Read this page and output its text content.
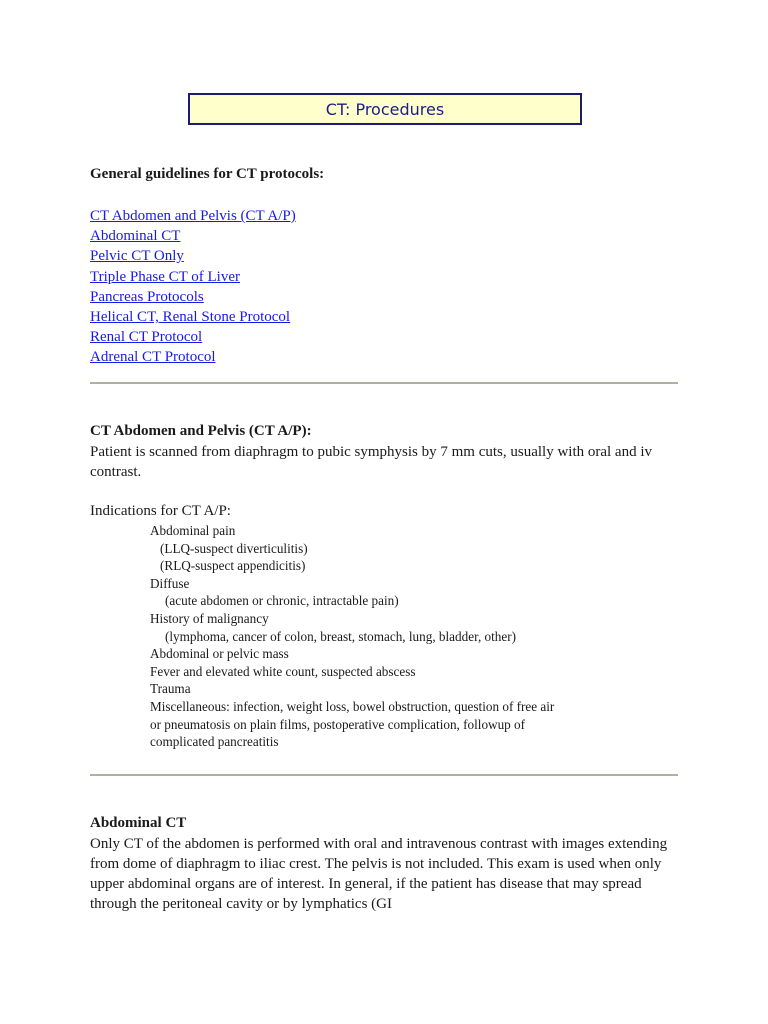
CT: Procedures
General guidelines for CT protocols:
CT Abdomen and Pelvis (CT A/P)
Abdominal CT
Pelvic CT Only
Triple Phase CT of Liver
Pancreas Protocols
Helical CT, Renal Stone Protocol
Renal CT Protocol
Adrenal CT Protocol
CT Abdomen and Pelvis (CT A/P):
Patient is scanned from diaphragm to pubic symphysis by 7 mm cuts, usually with oral and iv contrast.
Indications for CT A/P:
Abdominal pain
(LLQ-suspect diverticulitis)
(RLQ-suspect appendicitis)
Diffuse
(acute abdomen or chronic, intractable pain)
History of malignancy
(lymphoma, cancer of colon, breast, stomach, lung, bladder, other)
Abdominal or pelvic mass
Fever and elevated white count, suspected abscess
Trauma
Miscellaneous: infection, weight loss, bowel obstruction, question of free air
or pneumatosis on plain films, postoperative complication, followup of
complicated pancreatitis
Abdominal CT
Only CT of the abdomen is performed with oral and intravenous contrast with images extending from dome of diaphragm to iliac crest. The pelvis is not included. This exam is used when only upper abdominal organs are of interest. In general, if the patient has disease that may spread through the peritoneal cavity or by lymphatics (GI
